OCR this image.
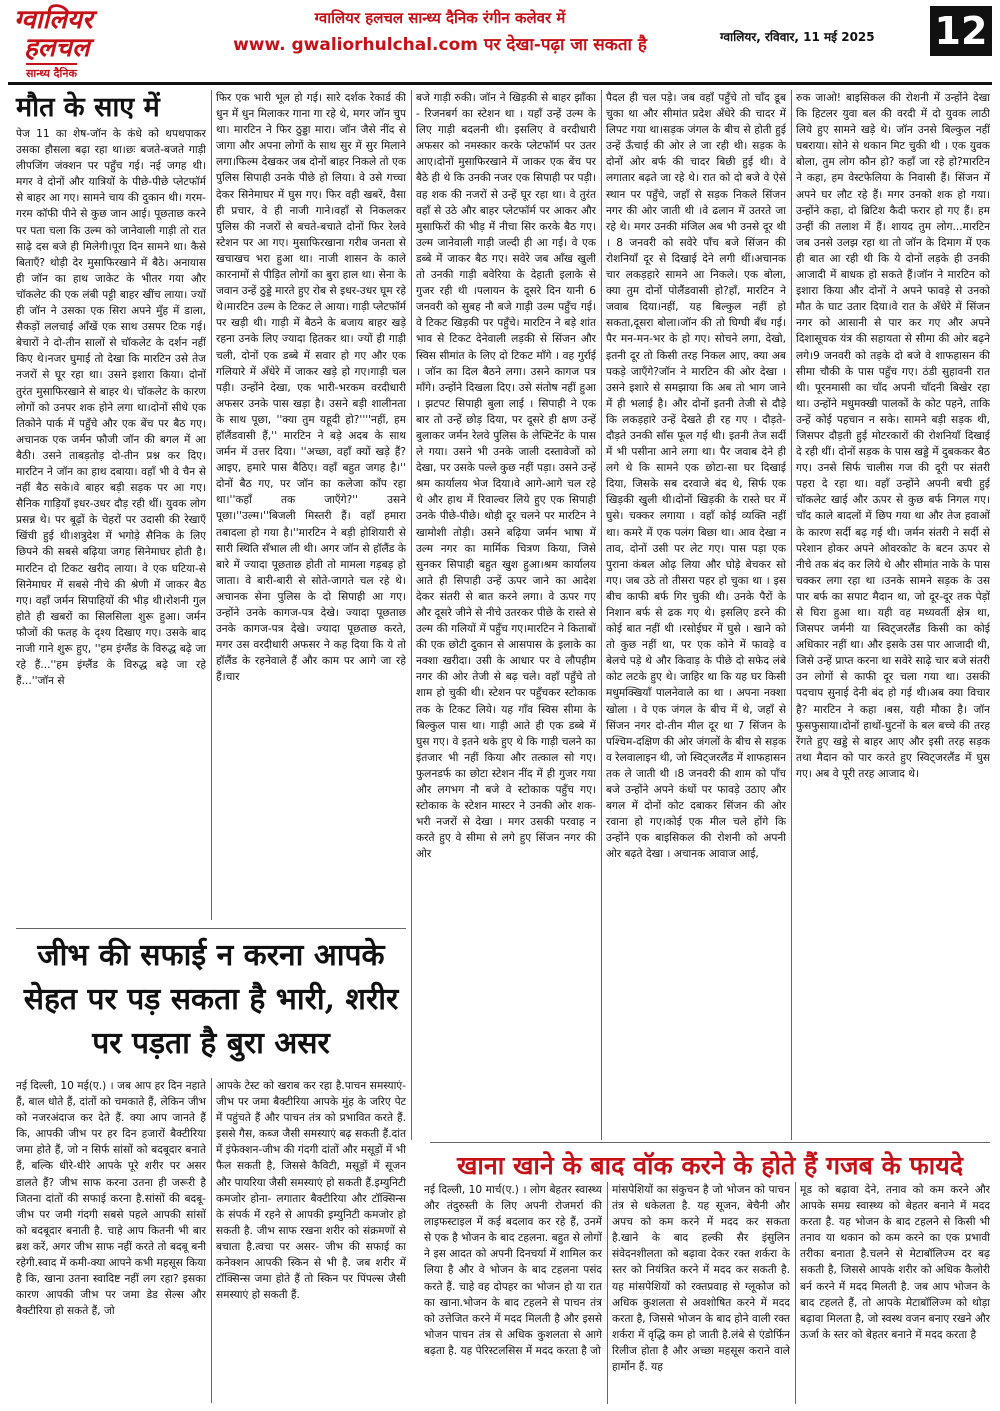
ग्वालियर
हलचल
सान्ध्य दैनिक
ग्वालियर हलचल सान्ध्य दैनिक रंगीन कलेवर में
www. gwaliorhulchal.com पर देखा-पढ़ा जा सकता है	ग्वालियर, रविवार, 11 मई 2025 12
मौत के साए में
पेज 11 का शेष-जॉन के कंधे को थपथपाकर उसका हौसला बढ़ा रहा था।छः बजते-बजते गाड़ी लीपजिंग जंक्शन पर पहुँच गई। नई जगह थी। मगर वे दोनों और यात्रियों के पीछे-पीछे प्लेटफॉर्म से बाहर आ गए। सामने चाय की दुकान थी। गरम-गरम कॉफी पीने से कुछ जान आई। पूछताछ करने पर पता चला कि उल्म को जानेवाली गाड़ी तो रात साढ़े दस बजे ही मिलेगी।पूरा दिन सामने था। कैसे बिताएँ? थोड़ी देर मुसाफिरखाने में बैठे। अनायास ही जॉन का हाथ जाकेट के भीतर गया और चॉकलेट की एक लंबी पट्टी बाहर खींच लाया। ज्यों ही जॉन ने उसका एक सिरा अपने मुँह में डाला, सैकड़ों ललचाई आँखें एक साथ उसपर टिक गई। बेचारों ने दो-तीन सालों से चॉकलेट के दर्शन नहीं किए थे।नजर घुमाई तो देखा कि मारटिन उसे तेज नजरों से घूर रहा था। उसने इशारा किया। दोनों तुरंत मुसाफिरखाने से बाहर थे। चॉकलेट के कारण लोगों को उनपर शक होने लगा था।दोनों सीधे एक तिकोने पार्क में पहुँचे और एक बेंच पर बैठ गए। अचानक एक जर्मन फौजी जॉन की बगल में आ बैठी। उसने ताबड़तोड़ दो-तीन प्रश्न कर दिए। मारटिन ने जॉन का हाथ दबाया। वहाँ भी वे चैन से नहीं बैठ सके।वे बाहर बड़ी सड़क पर आ गए। सैनिक गाड़ियाँ इधर-उधर दौड़ रही थीं। युवक लोग प्रसन्न थे। पर बूढ़ों के चेहरों पर उदासी की रेखाएँ खिंची हुई थी।शत्रुदेश में भगोड़े सैनिक के लिए छिपने की सबसे बढ़िया जगह सिनेमाघर होती है। मारटिन दो टिकट खरीद लाया। वे एक घटिया-से सिनेमाघर में सबसे नीचे की श्रेणी में जाकर बैठ गए। वहाँ जर्मन सिपाहियों की भीड़ थी।रोशनी गुल होते ही खबरों का सिलसिला शुरू हुआ। जर्मन फौजों की फतह के दृश्य दिखाए गए। उसके बाद नाजी गाने शुरू हुए, ''हम इंग्लैंड के विरुद्ध बढ़े जा रहे हैं...''हम इंग्लैंड के विरुद्ध बढ़े जा रहे हैं...''जॉन से
फिर एक भारी भूल हो गई। सारे दर्शक रेकार्ड की धुन में धुन मिलाकर गाना गा रहे थे, मगर जॉन चुप था। मारटिन ने फिर ठुड्डा मारा। जॉन जैसे नींद से जागा और अपना लोगों के साथ सुर में सुर मिलाने लगा।फिल्म देखकर जब दोनों बाहर निकले तो एक पुलिस सिपाही उनके पीछे हो लिया। वे उसे गच्चा देकर सिनेमाघर में घुस गए। फिर वही खबरें, वैसा ही प्रचार, वे ही नाजी गाने।वहाँ से निकलकर पुलिस की नजरों से बचते-बचाते दोनों फिर रेलवे स्टेशन पर आ गए। मुसाफिरखाना गरीब जनता से खचाखच भरा हुआ था। नाजी शासन के काले कारनामों से पीड़ित लोगों का बुरा हाल था। सेना के जवान उन्हें ठुड्डे मारते हुए रोब से इधर-उधर घूम रहे थे।मारटिन उल्म के टिकट ले आया। गाड़ी प्लेटफॉर्म पर खड़ी थी। गाड़ी में बैठने के बजाय बाहर खड़े रहना उनके लिए ज्यादा हितकर था। ज्यों ही गाड़ी चली, दोनों एक डब्बे में सवार हो गए और एक गलियारे में अँधेरे में जाकर खड़े हो गए।गाड़ी चल पड़ी। उन्होंने देखा, एक भारी-भरकम वरदीधारी अफसर उनके पास खड़ा है। उसने बड़ी शालीनता के साथ पूछा, ''क्या तुम यहूदी हो?''''नहीं, हम हॉलैंडवासी हैं,'' मारटिन ने बड़े अदब के साथ जर्मन में उत्तर दिया। ''अच्छा, वहाँ क्यों खड़े हैं? आइए, हमारे पास बैठिए। वहाँ बहुत जगह है।'' दोनों बैठ गए, पर जॉन का कलेजा काँप रहा था।''कहाँ तक जाएँगे?'' उसने पूछा।''उल्म।''बिजली मिस्तरी हैं। वहाँ हमारा तबादला हो गया है।''मारटिन ने बड़ी होशियारी से सारी स्थिति सँभाल ली थी। अगर जॉन से हॉलैंड के बारे में ज्यादा पूछताछ होती तो मामला गड़बड़ हो जाता। वे बारी-बारी से सोते-जागते चल रहे थे। अचानक सेना पुलिस के दो सिपाही आ गए। उन्होंने उनके कागज-पत्र देखे। ज्यादा पूछताछ उनके कागज-पत्र देखे। ज्यादा पूछताछ करते, मगर उस वरदीधारी अफसर ने कह दिया कि ये तो हॉलैंड के रहनेवाले हैं और काम पर आगे जा रहे हैं।चार
बजे गाड़ी रुकी। जॉन ने खिड़की से बाहर झाँका - रिजनबर्ग का स्टेशन था । यहाँ उन्हें उल्म के लिए गाड़ी बदलनी थी। इसलिए वे वरदीधारी अफसर को नमस्कार करके प्लेटफॉर्म पर उतर आए।दोनों मुसाफिरखाने में जाकर एक बेंच पर बैठे ही थे कि उनकी नजर एक सिपाही पर पड़ी। वह शक की नजरों से उन्हें घूर रहा था। वे तुरंत वहाँ से उठे और बाहर प्लेटफॉर्म पर आकर और मुसाफिरों की भीड़ में नीचा सिर करके बैठ गए।उल्म जानेवाली गाड़ी जल्दी ही आ गई। वे एक डब्बे में जाकर बैठ गए। सवेरे जब आँख खुली तो उनकी गाड़ी बवेरिया के देहाती इलाके से गुजर रही थी ।पलायन के दूसरे दिन यानी 6 जनवरी को सुबह नौ बजे गाड़ी उल्म पहुँच गई। वे टिकट खिड़की पर पहुँचे। मारटिन ने बड़े शांत भाव से टिकट देनेवाली लड़की से सिंजन और स्विस सीमांत के लिए दो टिकट माँगे । वह गुर्राई । जॉन का दिल बैठने लगा। उसने कागज पत्र माँगे। उन्होंने दिखला दिए। उसे संतोष नहीं हुआ । झटपट सिपाही बुला लाई । सिपाही ने एक बार तो उन्हें छोड़ दिया, पर दूसरे ही क्षण उन्हें बुलाकर जर्मन रेलवे पुलिस के लेफ्टिनेंट के पास ले गया। उसने भी उनके जाली दस्तावेजों को देखा, पर उसके पल्ले कुछ नहीं पड़ा। उसने उन्हें श्रम कार्यालय भेज दिया।वे आगे-आगे चल रहे थे और हाथ में रिवाल्वर लिये हुए एक सिपाही उनके पीछे-पीछे। थोड़ी दूर चलने पर मारटिन ने खामोशी तोड़ी। उसने बढ़िया जर्मन भाषा में उल्म नगर का मार्मिक चित्रण किया, जिसे सुनकर सिपाही बहुत खुश हुआ।श्रम कार्यालय आते ही सिपाही उन्हें ऊपर जाने का आदेश देकर संतरी से बात करने लगा। वे ऊपर गए और दूसरे जीने से नीचे उतरकर पीछे के रास्ते से उल्म की गलियों में पहुँच गए।मारटिन ने किताबों की एक छोटी दुकान से आसपास के इलाके का नक्शा खरीदा। उसी के आधार पर वे लौपहीम नगर की ओर तेजी से बढ़ चले। वहाँ पहुँचे तो शाम हो चुकी थी। स्टेशन पर पहुँचकर स्टोकाक तक के टिकट लिये। यह गाँव स्विस सीमा के बिल्कुल पास था। गाड़ी आते ही एक डब्बे में घुस गए। वे इतने थके हुए थे कि गाड़ी चलने का इंतजार भी नहीं किया और तत्काल सो गए। फुलनडर्फ का छोटा स्टेशन नींद में ही गुजर गया और लगभग नौ बजे वे स्टोकाक पहुँच गए।स्टोकाक के स्टेशन मास्टर ने उनकी ओर शक-भरी नजरों से देखा । मगर उसकी परवाह न करते हुए वे सीमा से लगे हुए सिंजन नगर की ओर
पैदल ही चल पड़े। जब वहाँ पहुँचे तो चाँद डूब चुका था और सीमांत प्रदेश अँधेरे की चादर में लिपट गया था।सड़क जंगल के बीच से होती हुई उन्हें ऊँचाई की ओर ले जा रही थी। सड़क के दोनों ओर बर्फ की चादर बिछी हुई थी। वे लगातार बढ़ते जा रहे थे। रात को दो बजे वे ऐसे स्थान पर पहुँचे, जहाँ से सड़क निकले सिंजन नगर की ओर जाती थी ।वे ढलान में उतरते जा रहे थे। मगर उनकी मंजिल अब भी उनसे दूर थी । 8 जनवरी को सवेरे पाँच बजे सिंजन की रोशनियाँ दूर से दिखाई देने लगी थीं।अचानक चार लकड़हारे सामने आ निकले। एक बोला, क्या तुम दोनों पोलैंडवासी हो?हाँ, मारटिन ने जवाब दिया।नहीं, यह बिल्कुल नहीं हो सकता,दूसरा बोला।जॉन की तो घिग्घी बँध गई। पैर मन-मन-भर के हो गए। सोचने लगा, देखो, इतनी दूर तो किसी तरह निकल आए, क्या अब पकड़े जाएँगे?जॉन ने मारटिन की ओर देखा । उसने इशारे से समझाया कि अब तो भाग जाने में ही भलाई है। और दोनों इतनी तेजी से दौड़े कि लकड़हारे उन्हें देखते ही रह गए । दौड़ते-दौड़ते उनकी साँस फूल गई थी। इतनी तेज सर्दी में भी पसीना आने लगा था। पैर जवाब देने ही लगे थे कि सामने एक छोटा-सा घर दिखाई दिया, जिसके सब दरवाजे बंद थे, सिर्फ एक खिड़की खुली थी।दोनों खिड़की के रास्ते घर में घुसे। चक्कर लगाया । वहाँ कोई व्यक्ति नहीं था। कमरे में एक पलंग बिछा था। आव देखा न ताव, दोनों उसी पर लेट गए। पास पड़ा एक पुराना कंबल ओढ़ लिया और घोड़े बेचकर सो गए। जब उठे तो तीसरा पहर हो चुका था । इस बीच काफी बर्फ गिर चुकी थी। उनके पैरों के निशान बर्फ से ढक गए थे। इसलिए डरने की कोई बात नहीं थी ।रसोईघर में घुसे । खाने को तो कुछ नहीं था, पर एक कोने में फावड़े व बेलचे पड़े थे और किवाड़ के पीछे दो सफेद लंबे कोट लटके हुए थे। जाहिर था कि यह घर किसी मधुमक्खियाँ पालनेवाले का था । अपना नक्शा खोला । वे एक जंगल के बीच में थे, जहाँ से सिंजन नगर दो-तीन मील दूर था 7 सिंजन के पश्चिम-दक्षिण की ओर जंगलों के बीच से सड़क व रेलवालाइन थी, जो स्विट्जरलैंड में शाफहासन तक ले जाती थी ।8 जनवरी की शाम को पाँच बजे उन्होंने अपने कंधों पर फावड़े उठाए और बगल में दोनों कोट दबाकर सिंजन की ओर रवाना हो गए।कोई एक मील चले होंगे कि उन्होंने एक बाइसिकल की रोशनी को अपनी ओर बढ़ते देखा । अचानक आवाज आई,
रुक जाओ! बाइसिकल की रोशनी में उन्होंने देखा कि हिटलर युवा बल की वरदी में दो युवक लाठी लिये हुए सामने खड़े थे। जॉन उनसे बिल्कुल नहीं घबराया। सोने से थकान मिट चुकी थी । एक युवक बोला, तुम लोग कौन हो? कहाँ जा रहे हो?मारटिन ने कहा, हम वेस्टफेलिया के निवासी हैं। सिंजन में अपने घर लौट रहे हैं। मगर उनको शक हो गया। उन्होंने कहा, दो ब्रिटिश कैदी फरार हो गए हैं। हम उन्हीं की तलाश में हैं। शायद तुम लोग...मारटिन जब उनसे उलझ रहा था तो जॉन के दिमाग में एक ही बात आ रही थी कि ये दोनों लड़के ही उनकी आजादी में बाधक हो सकते हैं।जॉन ने मारटिन को इशारा किया और दोनों ने अपने फावड़े से उनको मौत के घाट उतार दिया।वे रात के अँधेरे में सिंजन नगर को आसानी से पार कर गए और अपने दिशासूचक यंत्र की सहायता से सीमा की ओर बढ़ने लगे।9 जनवरी को तड़के दो बजे वे शाफहासन की सीमा चौकी के पास पहुँच गए। ठंडी सुहावनी रात थी। पूरनमासी का चाँद अपनी चाँदनी बिखेर रहा था। उन्होंने मधुमक्खी पालकों के कोट पहने, ताकि उन्हें कोई पहचान न सके। सामने बड़ी सड़क थी, जिसपर दौड़ती हुई मोटरकारों की रोशनियाँ दिखाई दे रही थीं। दोनों सड़क के पास खड्डे में दुबककर बैठ गए। उनसे सिर्फ चालीस गज की दूरी पर संतरी पहरा दे रहा था। वहाँ उन्होंने अपनी बची हुई चॉकलेट खाई और ऊपर से कुछ बर्फ निगल गए।चाँद काले बादलों में छिप गया था और तेज हवाओं के कारण सर्दी बढ़ गई थी। जर्मन संतरी ने सर्दी से परेशान होकर अपने ओवरकोट के बटन ऊपर से नीचे तक बंद कर लिये थे और सीमांत नाके के पास चक्कर लगा रहा था ।उनके सामने सड़क के उस पार बर्फ का सपाट मैदान था, जो दूर-दूर तक पेड़ों से घिरा हुआ था। यही वह मध्यवर्ती क्षेत्र था, जिसपर जर्मनी या स्विट्जरलैंड किसी का कोई अधिकार नहीं था। और इसके उस पार आजादी थी, जिसे उन्हें प्राप्त करना था सवेरे साढ़े चार बजे संतरी उन लोगों से काफी दूर चला गया था। उसकी पदचाप सुनाई देनी बंद हो गई थी।अब क्या विचार है? मारटिन ने कहा ।बस, यही मौका है। जॉन फुसफुसाया।दोनों हाथों-घुटनों के बल बच्चे की तरह रेंगते हुए खड्डे से बाहर आए और इसी तरह सड़क तथा मैदान को पार करते हुए स्विट्जरलैंड में घुस गए। अब वे पूरी तरह आजाद थे।
जीभ की सफाई न करना आपके सेहत पर पड़ सकता है भारी, शरीर पर पड़ता है बुरा असर
नई दिल्ली, 10 मई(ए.) । जब आप हर दिन नहाते हैं, बाल धोते हैं, दांतों को चमकाते हैं, लेकिन जीभ को नजरअंदाज कर देते हैं. क्या आप जानते हैं कि, आपकी जीभ पर हर दिन हजारों बैक्टीरिया जमा होते हैं, जो न सिर्फ सांसों को बदबूदार बनाते हैं, बल्कि धीरे-धीरे आपके पूरे शरीर पर असर डालते हैं? जीभ साफ करना उतना ही जरूरी है जितना दांतों की सफाई करना है.सांसों की बदबू-जीभ पर जमी गंदगी सबसे पहले आपकी सांसों को बदबूदार बनाती है. चाहे आप कितनी भी बार ब्रश करें, अगर जीभ साफ नहीं करते तो बदबू बनी रहेगी.स्वाद में कमी-क्या आपने कभी महसूस किया है कि, खाना उतना स्वादिष्ट नहीं लग रहा? इसका कारण आपकी जीभ पर जमा डेड सेल्स और बैक्टीरिया हो सकते हैं, जो
आपके टेस्ट को खराब कर रहा है.पाचन समस्याएं- जीभ पर जमा बैक्टीरिया आपके मुंह के जरिए पेट में पहुंचते हैं और पाचन तंत्र को प्रभावित करते हैं. इससे गैस, कब्ज जैसी समस्याएं बढ़ सकती हैं.दांत में इंफेक्शन-जीभ की गंदगी दांतों और मसूड़ों में भी फैल सकती है, जिससे कैविटी, मसूड़ों में सूजन और पायरिया जैसी समस्याएं हो सकती हैं.इम्युनिटी कमजोर होना- लगातार बैक्टीरिया और टॉक्सिन्स के संपर्क में रहने से आपकी इम्युनिटी कमजोर हो सकती है. जीभ साफ रखना शरीर को संक्रमणों से बचाता है.त्वचा पर असर- जीभ की सफाई का कनेक्शन आपकी स्किन से भी है. जब शरीर में टॉक्सिन्स जमा होते हैं तो स्किन पर पिंपल्स जैसी समस्याएं हो सकती हैं.
खाना खाने के बाद वॉक करने के होते हैं गजब के फायदे
नई दिल्ली, 10 मार्च(ए.) । लोग बेहतर स्वास्थ्य और तंदुरुस्ती के लिए अपनी रोजमर्रा की लाइफस्टाइल में कई बदलाव कर रहे हैं, उनमें से एक है भोजन के बाद टहलना. बहुत से लोगों ने इस आदत को अपनी दिनचर्या में शामिल कर लिया है और वे भोजन के बाद टहलना पसंद करते हैं. चाहे वह दोपहर का भोजन हो या रात का खाना.भोजन के बाद टहलने से पाचन तंत्र को उत्तेजित करने में मदद मिलती है और इससे भोजन पाचन तंत्र से अधिक कुशलता से आगे बढ़ता है. यह पेरिस्टलसिस में मदद करता है जो
मांसपेशियों का संकुचन है जो भोजन को पाचन तंत्र से धकेलता है. यह सूजन, बेचैनी और अपच को कम करने में मदद कर सकता है.खाने के बाद हल्की सैर इंसुलिन संवेदनशीलता को बढ़ावा देकर रक्त शर्करा के स्तर को नियंत्रित करने में मदद कर सकती है. यह मांसपेशियों को रक्तप्रवाह से ग्लूकोज को अधिक कुशलता से अवशोषित करने में मदद करता है, जिससे भोजन के बाद होने वाली रक्त शर्करा में वृद्धि कम हो जाती है.लंबे से एंडोर्फिन रिलीज होता है और अच्छा महसूस कराने वाले हार्मोन हैं. यह
मूड को बढ़ावा देने, तनाव को कम करने और आपके समग्र स्वास्थ्य को बेहतर बनाने में मदद करता है. यह भोजन के बाद टहलने से किसी भी तनाव या थकान को कम करने का एक प्रभावी तरीका बनाता है.चलने से मेटाबॉलिज्म दर बढ़ सकती है, जिससे आपके शरीर को अधिक कैलोरी बर्न करने में मदद मिलती है. जब आप भोजन के बाद टहलते हैं, तो आपके मेटाबॉलिज्म को थोड़ा बढ़ावा मिलता है, जो स्वस्थ वजन बनाए रखने और ऊर्जा के स्तर को बेहतर बनाने में मदद करता है
